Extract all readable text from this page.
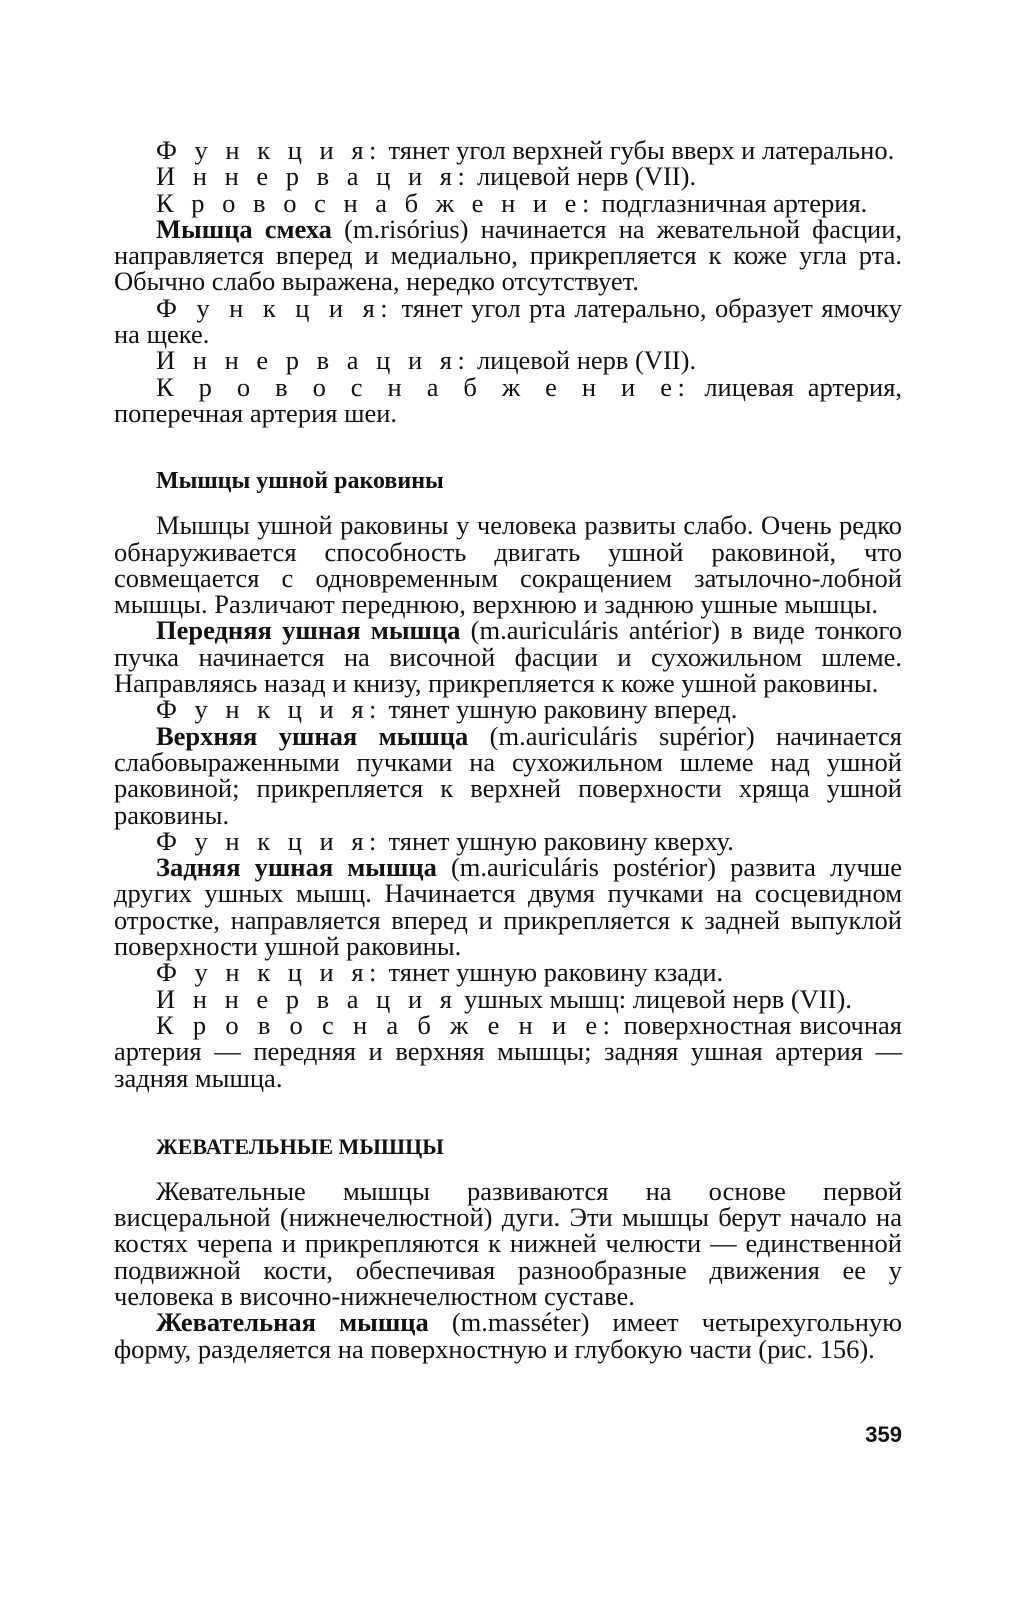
Ф у н к ц и я: тянет угол верхней губы вверх и латерально.

И н н е р в а ц и я: лицевой нерв (VII).

К р о в о с н а б ж е н и е: подглазничная артерия.

Мышца смеха (m.risórius) начинается на жевательной фасции, направляется вперед и медиально, прикрепляется к коже угла рта. Обычно слабо выражена, нередко отсутствует.

Ф у н к ц и я: тянет угол рта латерально, образует ямочку на щеке.

И н н е р в а ц и я: лицевой нерв (VII).

К р о в о с н а б ж е н и е: лицевая артерия, поперечная артерия шеи.

Мышцы ушной раковины

Мышцы ушной раковины у человека развиты слабо. Очень редко обнаруживается способность двигать ушной раковиной, что совмещается с одновременным сокращением затылочно-лобной мышцы. Различают переднюю, верхнюю и заднюю ушные мышцы.

Передняя ушная мышца (m.auriculáris antérior) в виде тонкого пучка начинается на височной фасции и сухожильном шлеме. Направляясь назад и книзу, прикрепляется к коже ушной раковины.

Ф у н к ц и я: тянет ушную раковину вперед.

Верхняя ушная мышца (m.auriculáris supérior) начинается слабовыраженными пучками на сухожильном шлеме над ушной раковиной; прикрепляется к верхней поверхности хряща ушной раковины.

Ф у н к ц и я: тянет ушную раковину кверху.

Задняя ушная мышца (m.auriculáris postérior) развита лучше других ушных мышц. Начинается двумя пучками на сосцевидном отростке, направляется вперед и прикрепляется к задней выпуклой поверхности ушной раковины.

Ф у н к ц и я: тянет ушную раковину кзади.

И н н е р в а ц и я ушных мышц: лицевой нерв (VII).

К р о в о с н а б ж е н и е: поверхностная височная артерия — передняя и верхняя мышцы; задняя ушная артерия — задняя мышца.

ЖЕВАТЕЛЬНЫЕ МЫШЦЫ

Жевательные мышцы развиваются на основе первой висцеральной (нижнечелюстной) дуги. Эти мышцы берут начало на костях черепа и прикрепляются к нижней челюсти — единственной подвижной кости, обеспечивая разнообразные движения ее у человека в височно-нижнечелюстном суставе.

Жевательная мышца (m.masséter) имеет четырехугольную форму, разделяется на поверхностную и глубокую части (рис. 156).

359
